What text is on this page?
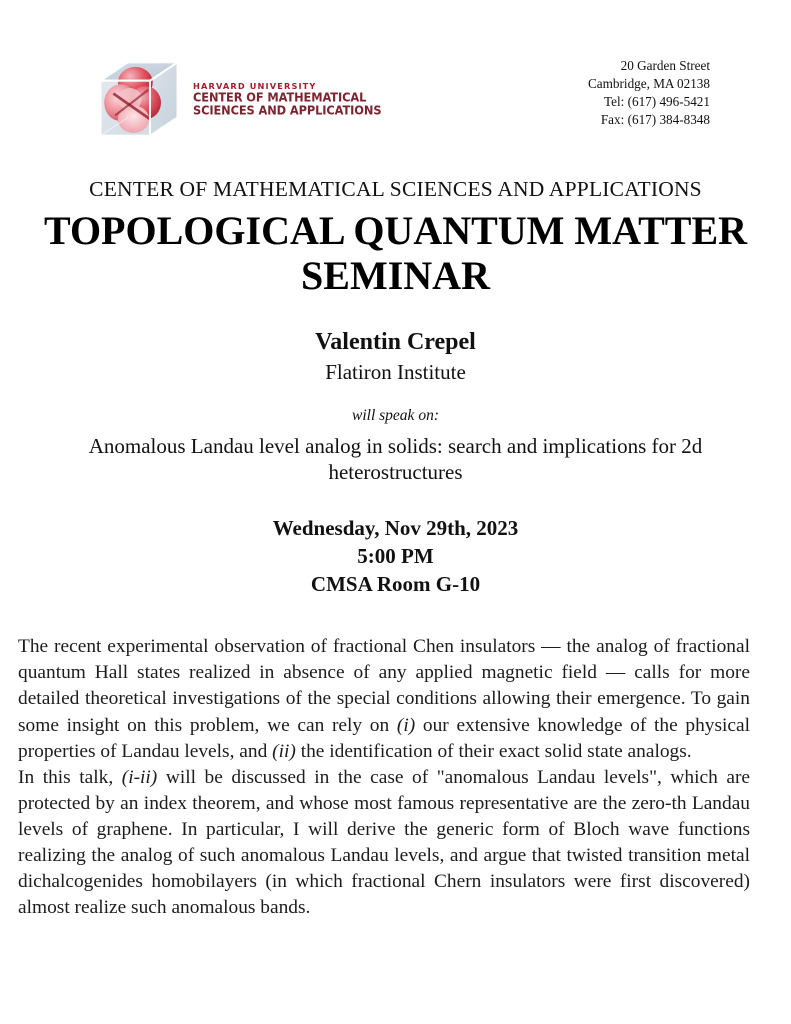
HARVARD UNIVERSITY
CENTER OF MATHEMATICAL
SCIENCES AND APPLICATIONS
20 Garden Street
Cambridge, MA 02138
Tel: (617) 496-5421
Fax: (617) 384-8348
CENTER OF MATHEMATICAL SCIENCES AND APPLICATIONS
TOPOLOGICAL QUANTUM MATTER SEMINAR
Valentin Crepel
Flatiron Institute
will speak on:
Anomalous Landau level analog in solids: search and implications for 2d heterostructures
Wednesday, Nov 29th, 2023
5:00 PM
CMSA Room G-10

The recent experimental observation of fractional Chen insulators — the analog of fractional quantum Hall states realized in absence of any applied magnetic field — calls for more detailed theoretical investigations of the special conditions allowing their emergence. To gain some insight on this problem, we can rely on (i) our extensive knowledge of the physical properties of Landau levels, and (ii) the identification of their exact solid state analogs.

In this talk, (i-ii) will be discussed in the case of "anomalous Landau levels", which are protected by an index theorem, and whose most famous representative are the zero-th Landau levels of graphene. In particular, I will derive the generic form of Bloch wave functions realizing the analog of such anomalous Landau levels, and argue that twisted transition metal dichalcogenides homobilayers (in which fractional Chern insulators were first discovered) almost realize such anomalous bands.
